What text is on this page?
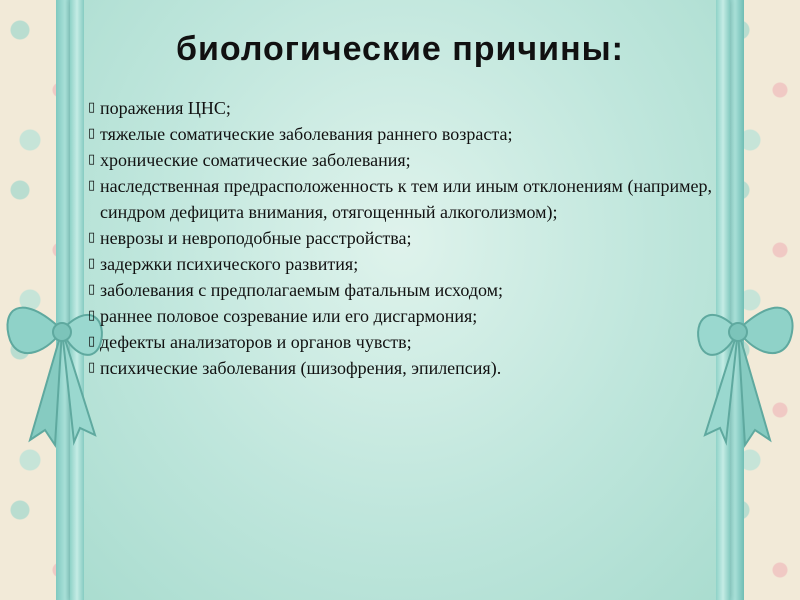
биологические причины:
▯ поражения ЦНС;
▯ тяжелые соматические заболевания раннего возраста;
▯ хронические соматические заболевания;
▯ наследственная предрасположенность к тем или иным отклонениям (например, синдром дефицита внимания, отягощенный алкоголизмом);
▯ неврозы и невроподобные расстройства;
▯ задержки психического развития;
▯ заболевания с предполагаемым фатальным исходом;
▯ раннее половое созревание или его дисгармония;
▯ дефекты анализаторов и органов чувств;
▯ психические заболевания (шизофрения, эпилепсия).
